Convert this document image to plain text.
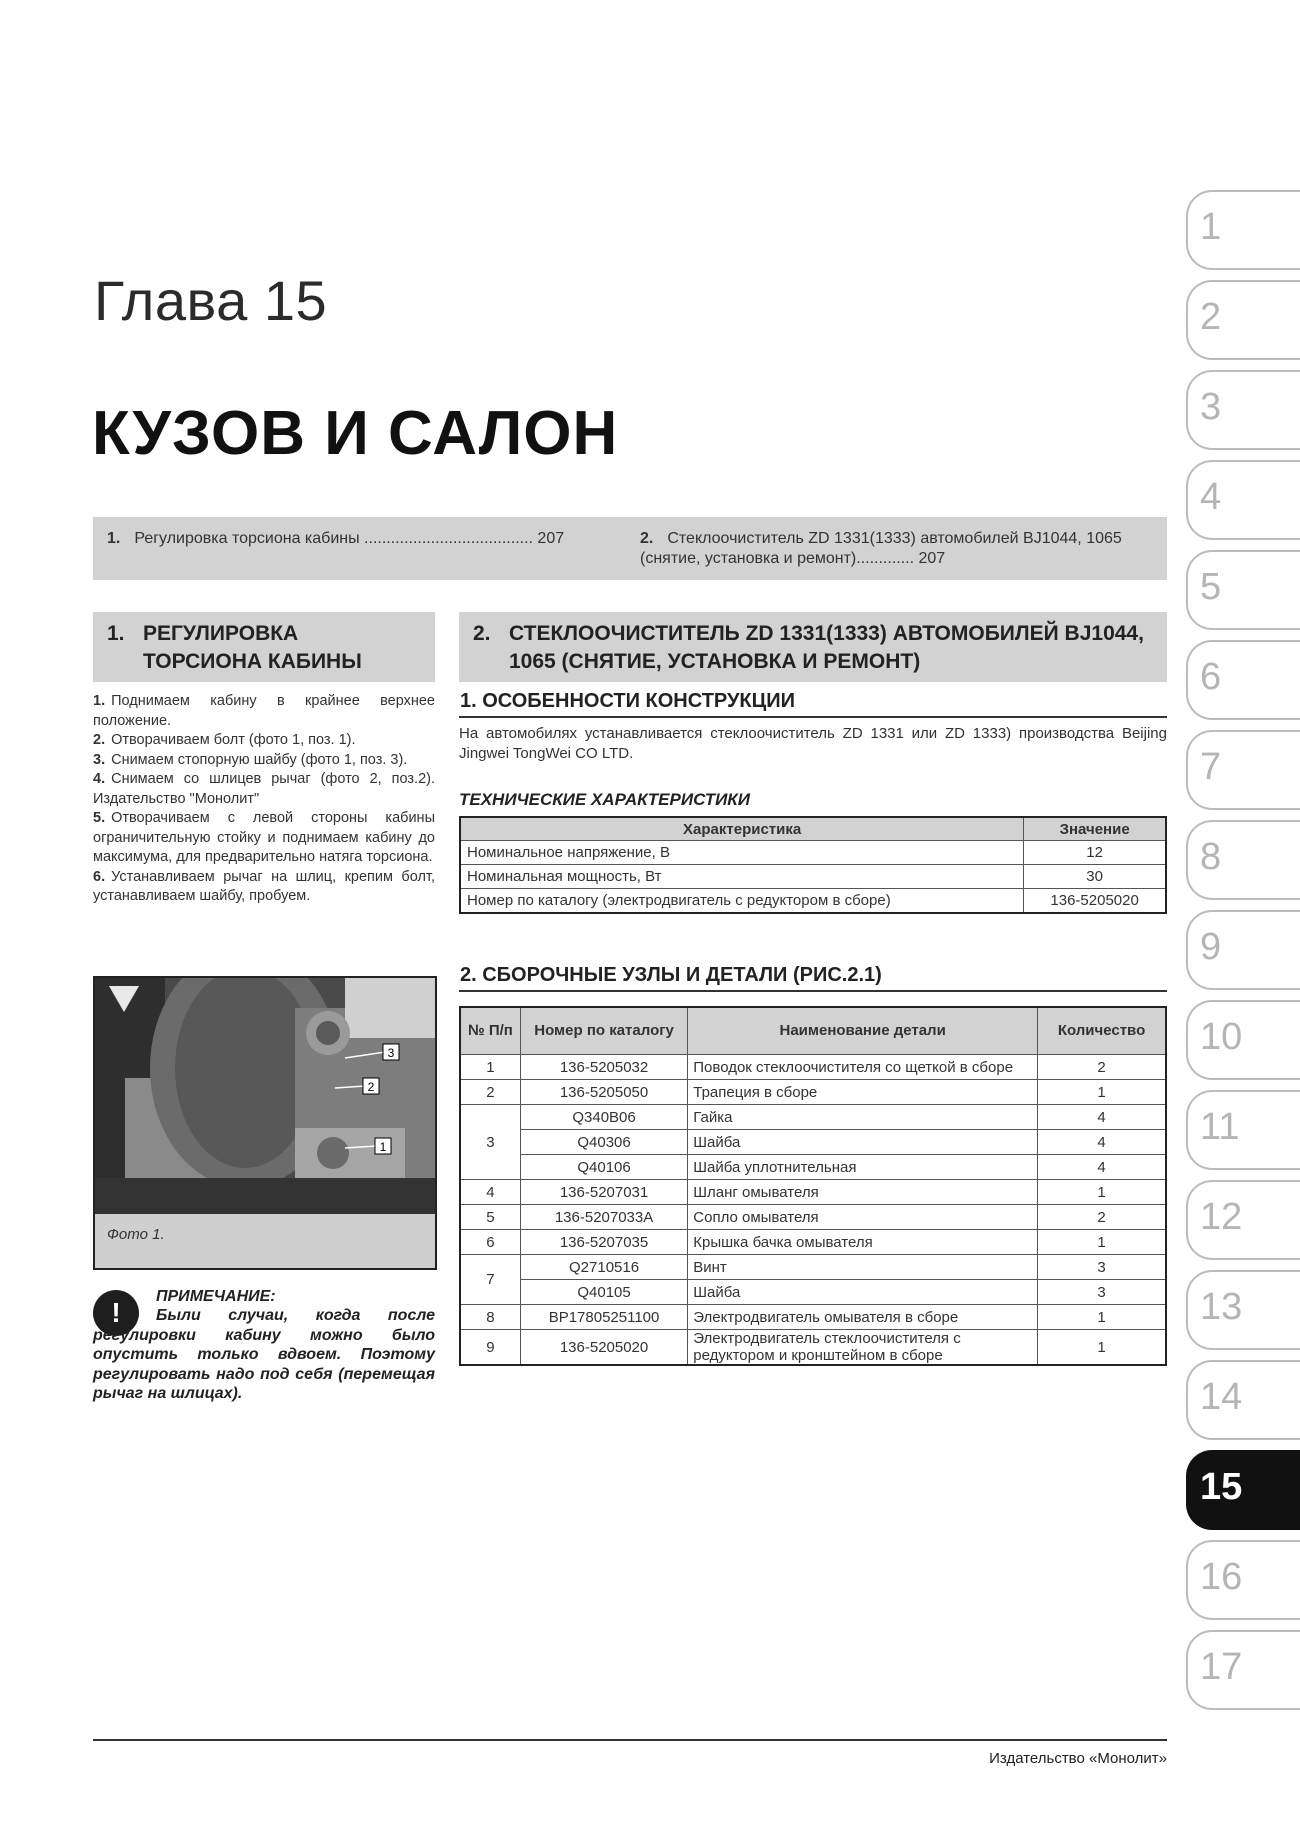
Глава 15
КУЗОВ И САЛОН
1. Регулировка торсиона кабины ...................................... 207	2. Стеклоочиститель ZD 1331(1333) автомобилей BJ1044, 1065 (снятие, установка и ремонт)............. 207
1. РЕГУЛИРОВКА ТОРСИОНА КАБИНЫ

1. Поднимаем кабину в крайнее верхнее положение.

2. Отворачиваем болт (фото 1, поз. 1).

3. Снимаем стопорную шайбу (фото 1, поз. 3).

4. Снимаем со шлицев рычаг (фото 2, поз.2). Издательство "Монолит"

5. Отворачиваем с левой стороны кабины ограничительную стойку и поднимаем кабину до максимума, для предварительно натяга торсиона.

6. Устанавливаем рычаг на шлиц, крепим болт, устанавливаем шайбу, пробуем.

3
2
1
Фото 1.
!
ПРИМЕЧАНИЕ:
Были случаи, когда после регулировки кабину можно было опустить только вдвоем. Поэтому регулировать надо под себя (перемещая рычаг на шлицах).
2. СТЕКЛООЧИСТИТЕЛЬ ZD 1331(1333) АВТОМОБИЛЕЙ BJ1044, 1065 (СНЯТИЕ, УСТАНОВКА И РЕМОНТ)
1. ОСОБЕННОСТИ КОНСТРУКЦИИ
На автомобилях устанавливается стеклоочиститель ZD 1331 или ZD 1333) производства Beijing Jingwei TongWei CO LTD.
ТЕХНИЧЕСКИЕ ХАРАКТЕРИСТИКИ
Характеристика	Значение
Номинальное напряжение, В	12
Номинальная мощность, Вт	30
Номер по каталогу (электродвигатель с редуктором в сборе)	136-5205020
2. СБОРОЧНЫЕ УЗЛЫ И ДЕТАЛИ (РИС.2.1)
№ П/п	Номер по каталогу	Наименование детали	Количество
1	136-5205032	Поводок стеклоочистителя со щеткой в сборе	2
2	136-5205050	Трапеция в сборе	1
3	Q340B06	Гайка	4
	Q40306	Шайба	4
	Q40106	Шайба уплотнительная	4
4	136-5207031	Шланг омывателя	1
5	136-5207033A	Сопло омывателя	2
6	136-5207035	Крышка бачка омывателя	1
7	Q2710516	Винт	3
	Q40105	Шайба	3
8	BP17805251100	Электродвигатель омывателя в сборе	1
9	136-5205020	Электродвигатель стеклоочистителя с редуктором и кронштейном в сборе	1
Издательство «Монолит»
1
2
3
4
5
6
7
8
9
10
11
12
13
14
15
16
17
